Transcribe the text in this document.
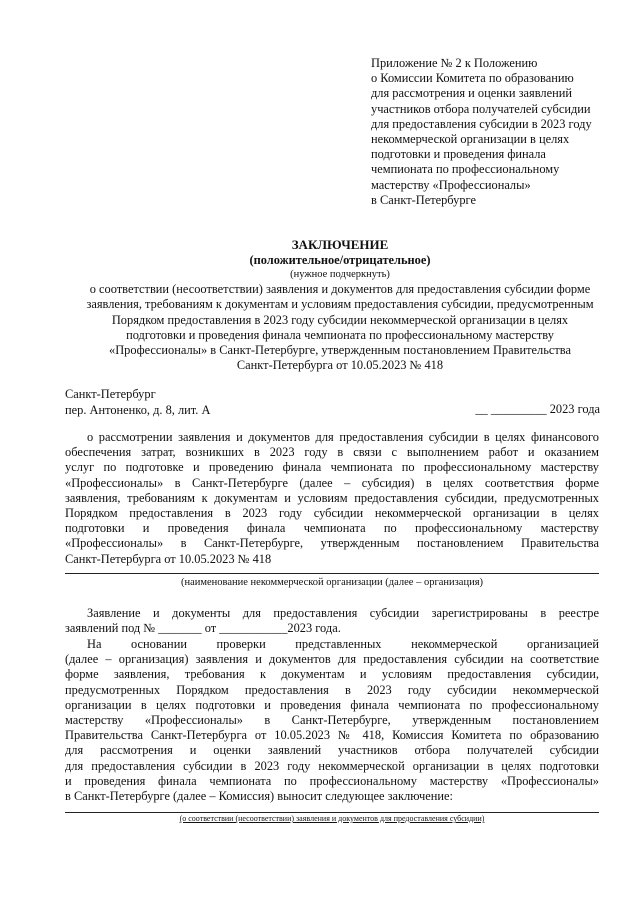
Приложение № 2 к Положению
о Комиссии Комитета по образованию
для рассмотрения и оценки заявлений
участников отбора получателей субсидии
для предоставления субсидии в 2023 году
некоммерческой организации в целях
подготовки и проведения финала
чемпионата по профессиональному
мастерству «Профессионалы»
в Санкт-Петербурге
ЗАКЛЮЧЕНИЕ
(положительное/отрицательное)
(нужное подчеркнуть)
о соответствии (несоответствии) заявления и документов для предоставления субсидии форме
заявления, требованиям к документам и условиям предоставления субсидии, предусмотренным
Порядком предоставления в 2023 году субсидии некоммерческой организации в целях
подготовки и проведения финала чемпионата по профессиональному мастерству
«Профессионалы» в Санкт-Петербурге, утвержденным постановлением Правительства
Санкт-Петербурга от 10.05.2023 № 418
Санкт-Петербург
пер. Антоненко, д. 8, лит. А	__ _________ 2023 года
о рассмотрении заявления и документов для предоставления субсидии в целях финансового
обеспечения затрат, возникших в 2023 году в связи с выполнением работ и оказанием
услуг по подготовке и проведению финала чемпионата по профессиональному мастерству
«Профессионалы» в Санкт-Петербурге (далее – субсидия) в целях соответствия форме
заявления, требованиям к документам и условиям предоставления субсидии, предусмотренных
Порядком предоставления в 2023 году субсидии некоммерческой организации в целях
подготовки и проведения финала чемпионата по профессиональному мастерству
«Профессионалы» в Санкт-Петербурге, утвержденным постановлением Правительства
Санкт-Петербурга от 10.05.2023 № 418
(наименование некоммерческой организации (далее – организация)
Заявление и документы для предоставления субсидии зарегистрированы в реестре
заявлений под № _______ от ___________2023 года.
На основании проверки представленных некоммерческой организацией
(далее – организация) заявления и документов для предоставления субсидии на соответствие
форме заявления, требования к документам и условиям предоставления субсидии,
предусмотренных Порядком предоставления в 2023 году субсидии некоммерческой
организации в целях подготовки и проведения финала чемпионата по профессиональному
мастерству «Профессионалы» в Санкт-Петербурге, утвержденным постановлением
Правительства Санкт-Петербурга от 10.05.2023 № 418, Комиссия Комитета по образованию
для рассмотрения и оценки заявлений участников отбора получателей субсидии
для предоставления субсидии в 2023 году некоммерческой организации в целях подготовки
и проведения финала чемпионата по профессиональному мастерству «Профессионалы»
в Санкт-Петербурге (далее – Комиссия) выносит следующее заключение:
(о соответствии (несоответствии) заявления и документов для предоставления субсидии)
